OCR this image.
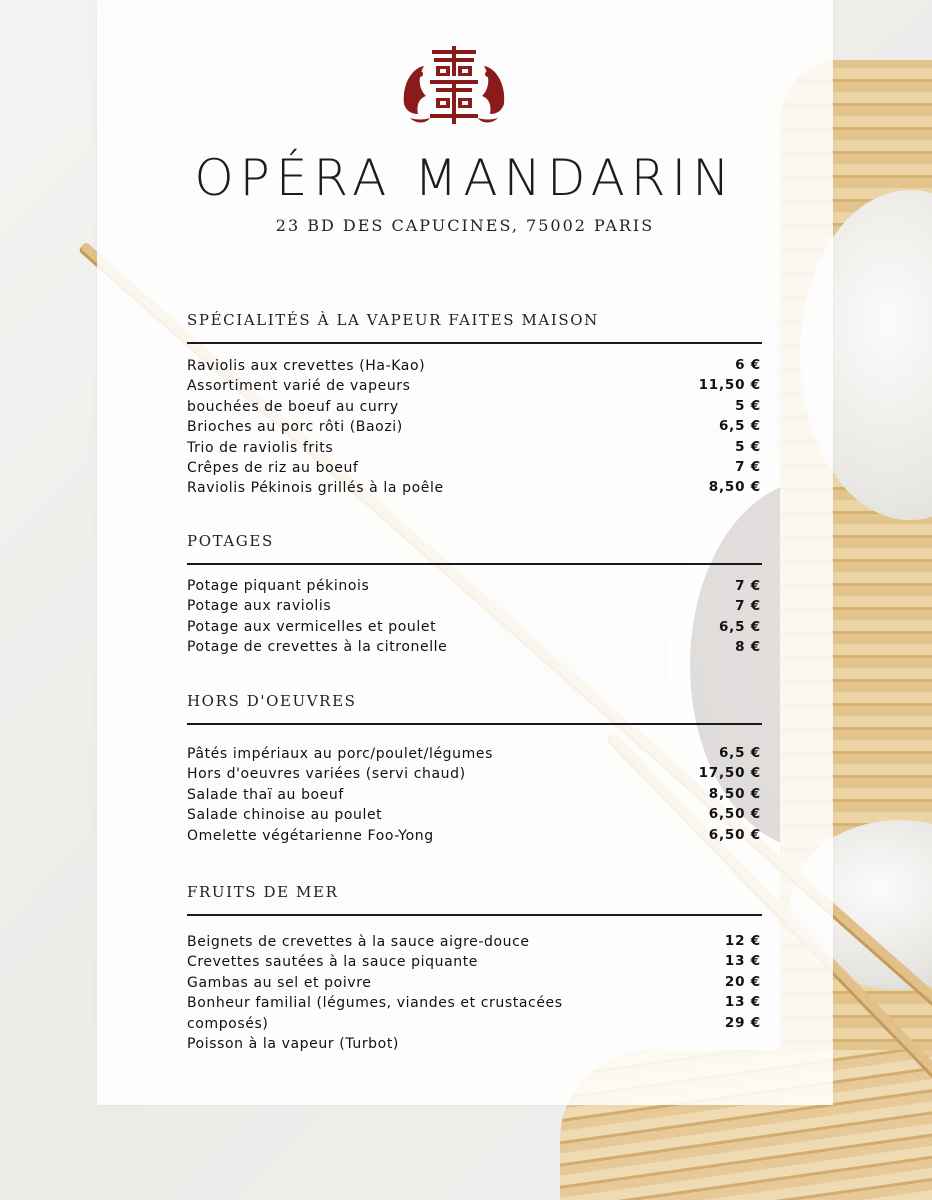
OPÉRA MANDARIN
23 BD DES CAPUCINES, 75002 PARIS
SPÉCIALITÉS À LA VAPEUR FAITES MAISON
Raviolis aux crevettes (Ha-Kao)
Assortiment varié de vapeurs
bouchées de boeuf au curry
Brioches au porc rôti (Baozi)
Trio de raviolis frits
Crêpes de riz au boeuf
Raviolis Pékinois grillés à la poêle
6 €
11,50 €
5 €
6,5 €
5 €
7 €
8,50 €
POTAGES
Potage piquant pékinois
Potage aux raviolis
Potage aux vermicelles et poulet
Potage de crevettes à la citronelle
7 €
7 €
6,5 €
8 €
HORS D'OEUVRES
Pâtés impériaux au porc/poulet/légumes
Hors d'oeuvres variées (servi chaud)
Salade thaï au boeuf
Salade chinoise au poulet
Omelette végétarienne Foo-Yong
6,5 €
17,50 €
8,50 €
6,50 €
6,50 €
FRUITS DE MER
Beignets de crevettes à la sauce aigre-douce
Crevettes sautées à la sauce piquante
Gambas au sel et poivre
Bonheur familial (légumes, viandes et crustacées
composés)
Poisson à la vapeur (Turbot)
12 €
13 €
20 €
13 €
29 €
